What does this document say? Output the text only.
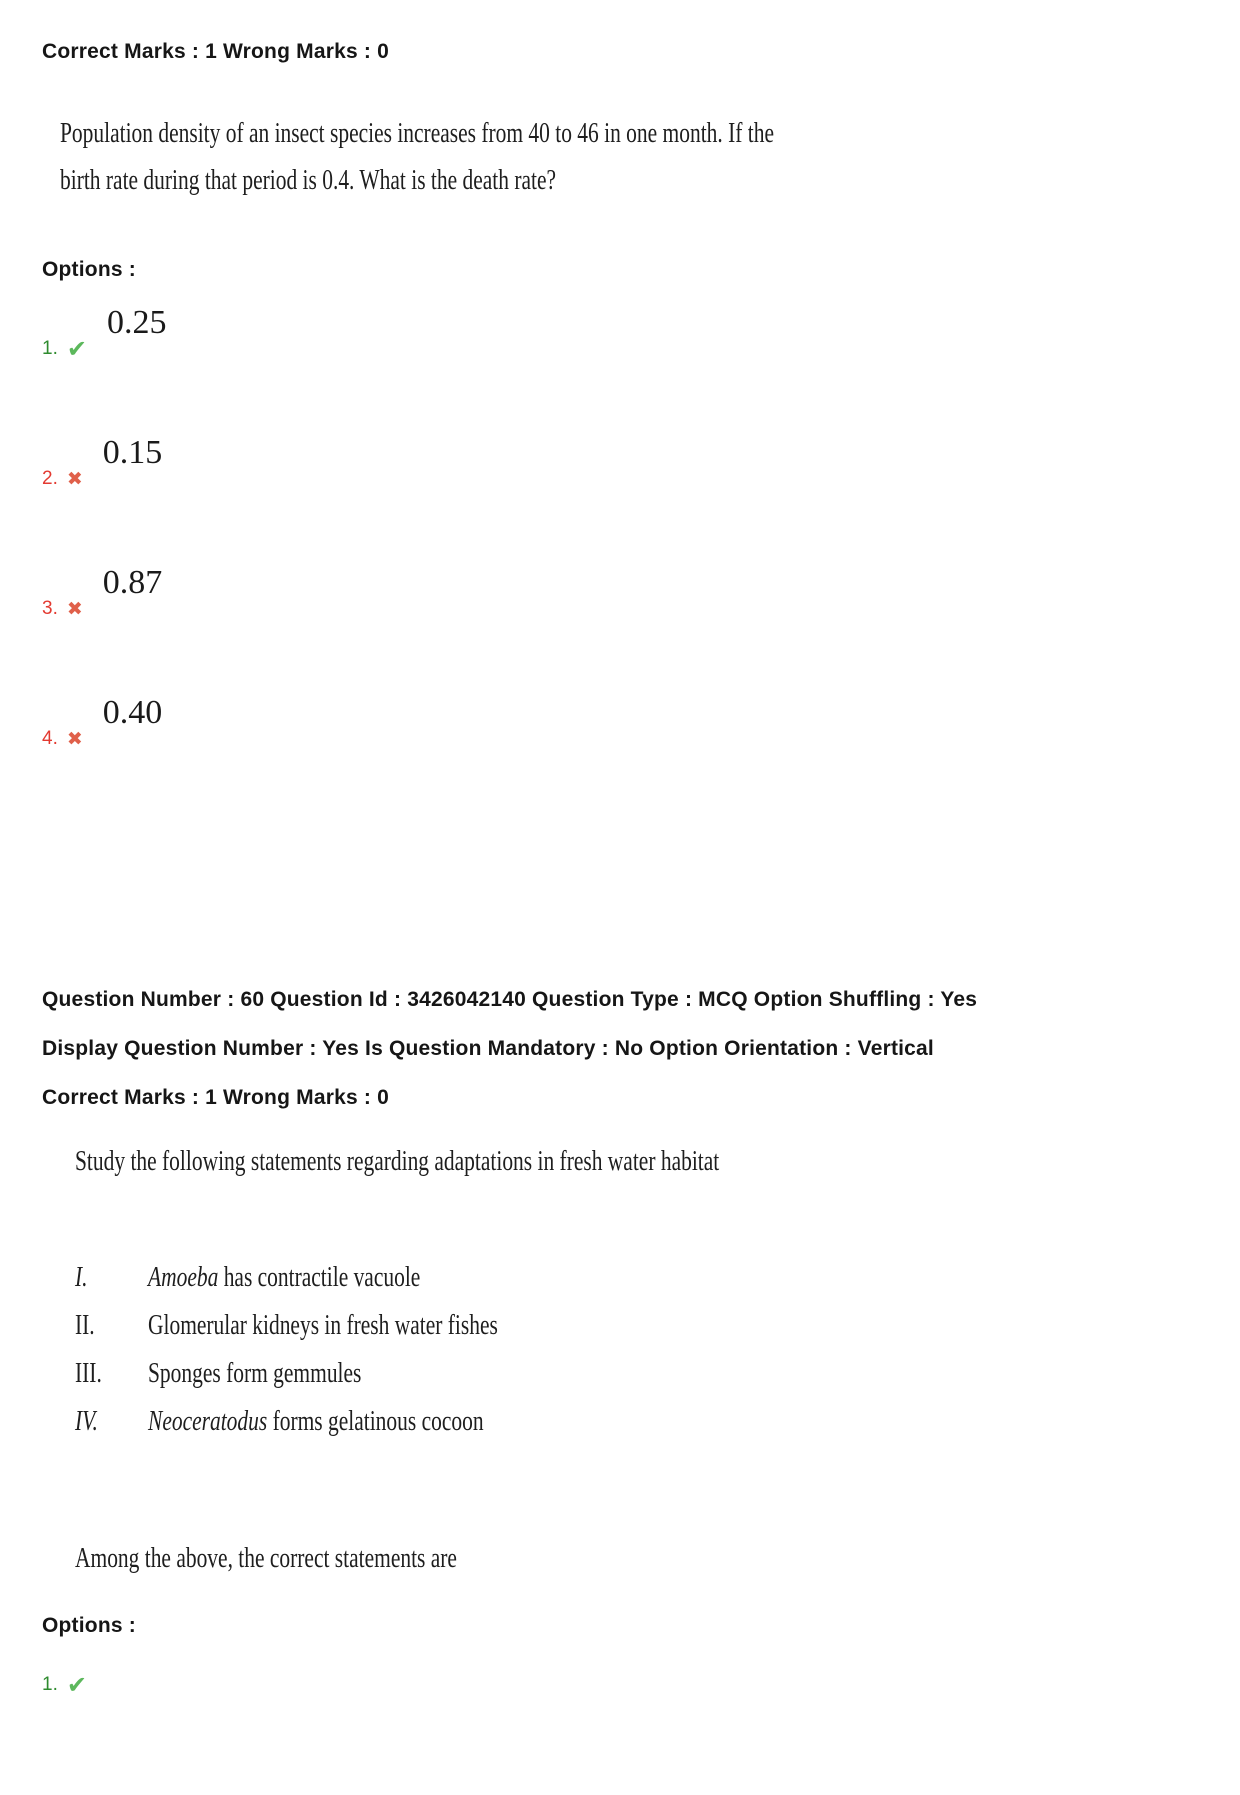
Correct Marks : 1 Wrong Marks : 0
Population density of an insect species increases from 40 to 46 in one month. If the
birth rate during that period is 0.4. What is the death rate?
Options :
1. ✔
0.25
2. ✖
0.15
3. ✖
0.87
4. ✖
0.40
Question Number : 60 Question Id : 3426042140 Question Type : MCQ Option Shuffling : Yes
Display Question Number : Yes Is Question Mandatory : No Option Orientation : Vertical
Correct Marks : 1 Wrong Marks : 0
Study the following statements regarding adaptations in fresh water habitat
I.	Amoeba has contractile vacuole
II.	Glomerular kidneys in fresh water fishes
III.	Sponges form gemmules
IV.	Neoceratodus forms gelatinous cocoon
Among the above, the correct statements are
Options :
1. ✔
